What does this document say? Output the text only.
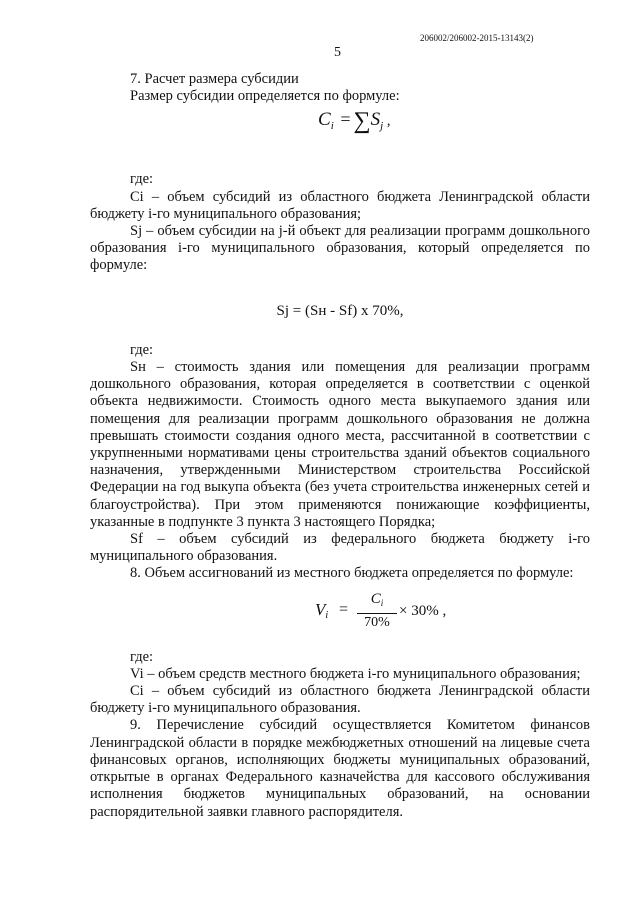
206002/206002-2015-13143(2)
5

7. Расчет размера субсидии

Размер субсидии определяется по формуле:

$C_i = \sum S_j$ ,

где:

Ci – объем субсидий из областного бюджета Ленинградской области бюджету i-го муниципального образования;

Sj – объем субсидии на j-й объект для реализации программ дошкольного образования i-го муниципального образования, который определяется по формуле:

Sj = (Sн - Sf) x 70%,

где:

Sн – стоимость здания или помещения для реализации программ дошкольного образования, которая определяется в соответствии с оценкой объекта недвижимости. Стоимость одного места выкупаемого здания или помещения для реализации программ дошкольного образования не должна превышать стоимости создания одного места, рассчитанной в соответствии с укрупненными нормативами цены строительства зданий объектов социального назначения, утвержденными Министерством строительства Российской Федерации на год выкупа объекта (без учета строительства инженерных сетей и благоустройства). При этом применяются понижающие коэффициенты, указанные в подпункте 3 пункта 3 настоящего Порядка;

Sf – объем субсидий из федерального бюджета бюджету i-го муниципального образования.

8. Объем ассигнований из местного бюджета определяется по формуле:

$Vi = \frac{C_i}{70\%} \times 30\%$ ,

где:

Vi – объем средств местного бюджета i-го муниципального образования;

Ci – объем субсидий из областного бюджета Ленинградской области бюджету i-го муниципального образования.

9. Перечисление субсидий осуществляется Комитетом финансов Ленинградской области в порядке межбюджетных отношений на лицевые счета финансовых органов, исполняющих бюджеты муниципальных образований, открытые в органах Федерального казначейства для кассового обслуживания исполнения бюджетов муниципальных образований, на основании распорядительной заявки главного распорядителя.
